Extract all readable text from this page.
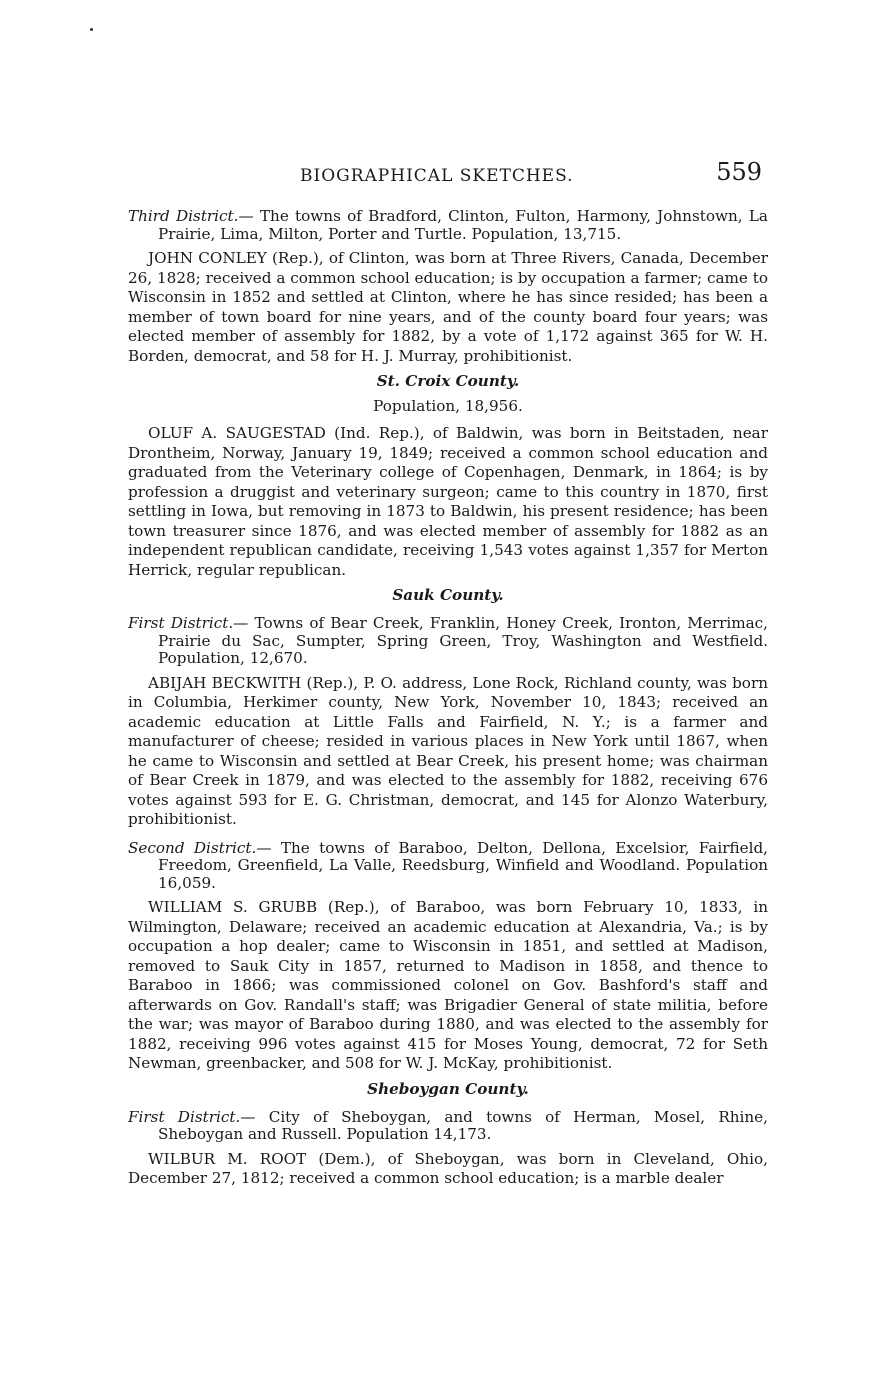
BIOGRAPHICAL SKETCHES.	559

Third District.— The towns of Bradford, Clinton, Fulton, Harmony, Johnstown, La Prairie, Lima, Milton, Porter and Turtle. Population, 13,715.

JOHN CONLEY (Rep.), of Clinton, was born at Three Rivers, Canada, December 26, 1828; received a common school education; is by occupation a farmer; came to Wisconsin in 1852 and settled at Clinton, where he has since resided; has been a member of town board for nine years, and of the county board four years; was elected member of assembly for 1882, by a vote of 1,172 against 365 for W. H. Borden, democrat, and 58 for H. J. Murray, prohibitionist.

St. Croix County.
Population, 18,956.

OLUF A. SAUGESTAD (Ind. Rep.), of Baldwin, was born in Beitstaden, near Drontheim, Norway, January 19, 1849; received a common school education and graduated from the Veterinary college of Copenhagen, Denmark, in 1864; is by profession a druggist and veterinary surgeon; came to this country in 1870, first settling in Iowa, but removing in 1873 to Baldwin, his present residence; has been town treasurer since 1876, and was elected member of assembly for 1882 as an independent republican candidate, receiving 1,543 votes against 1,357 for Merton Herrick, regular republican.

Sauk County.

First District.— Towns of Bear Creek, Franklin, Honey Creek, Ironton, Merrimac, Prairie du Sac, Sumpter, Spring Green, Troy, Washington and Westfield. Population, 12,670.

ABIJAH BECKWITH (Rep.), P. O. address, Lone Rock, Richland county, was born in Columbia, Herkimer county, New York, November 10, 1843; received an academic education at Little Falls and Fairfield, N. Y.; is a farmer and manufacturer of cheese; resided in various places in New York until 1867, when he came to Wisconsin and settled at Bear Creek, his present home; was chairman of Bear Creek in 1879, and was elected to the assembly for 1882, receiving 676 votes against 593 for E. G. Christman, democrat, and 145 for Alonzo Waterbury, prohibitionist.

Second District.— The towns of Baraboo, Delton, Dellona, Excelsior, Fairfield, Freedom, Greenfield, La Valle, Reedsburg, Winfield and Woodland. Population 16,059.

WILLIAM S. GRUBB (Rep.), of Baraboo, was born February 10, 1833, in Wilmington, Delaware; received an academic education at Alexandria, Va.; is by occupation a hop dealer; came to Wisconsin in 1851, and settled at Madison, removed to Sauk City in 1857, returned to Madison in 1858, and thence to Baraboo in 1866; was commissioned colonel on Gov. Bashford's staff and afterwards on Gov. Randall's staff; was Brigadier General of state militia, before the war; was mayor of Baraboo during 1880, and was elected to the assembly for 1882, receiving 996 votes against 415 for Moses Young, democrat, 72 for Seth Newman, greenbacker, and 508 for W. J. McKay, prohibitionist.

Sheboygan County.

First District.— City of Sheboygan, and towns of Herman, Mosel, Rhine, Sheboygan and Russell. Population 14,173.

WILBUR M. ROOT (Dem.), of Sheboygan, was born in Cleveland, Ohio, December 27, 1812; received a common school education; is a marble dealer
